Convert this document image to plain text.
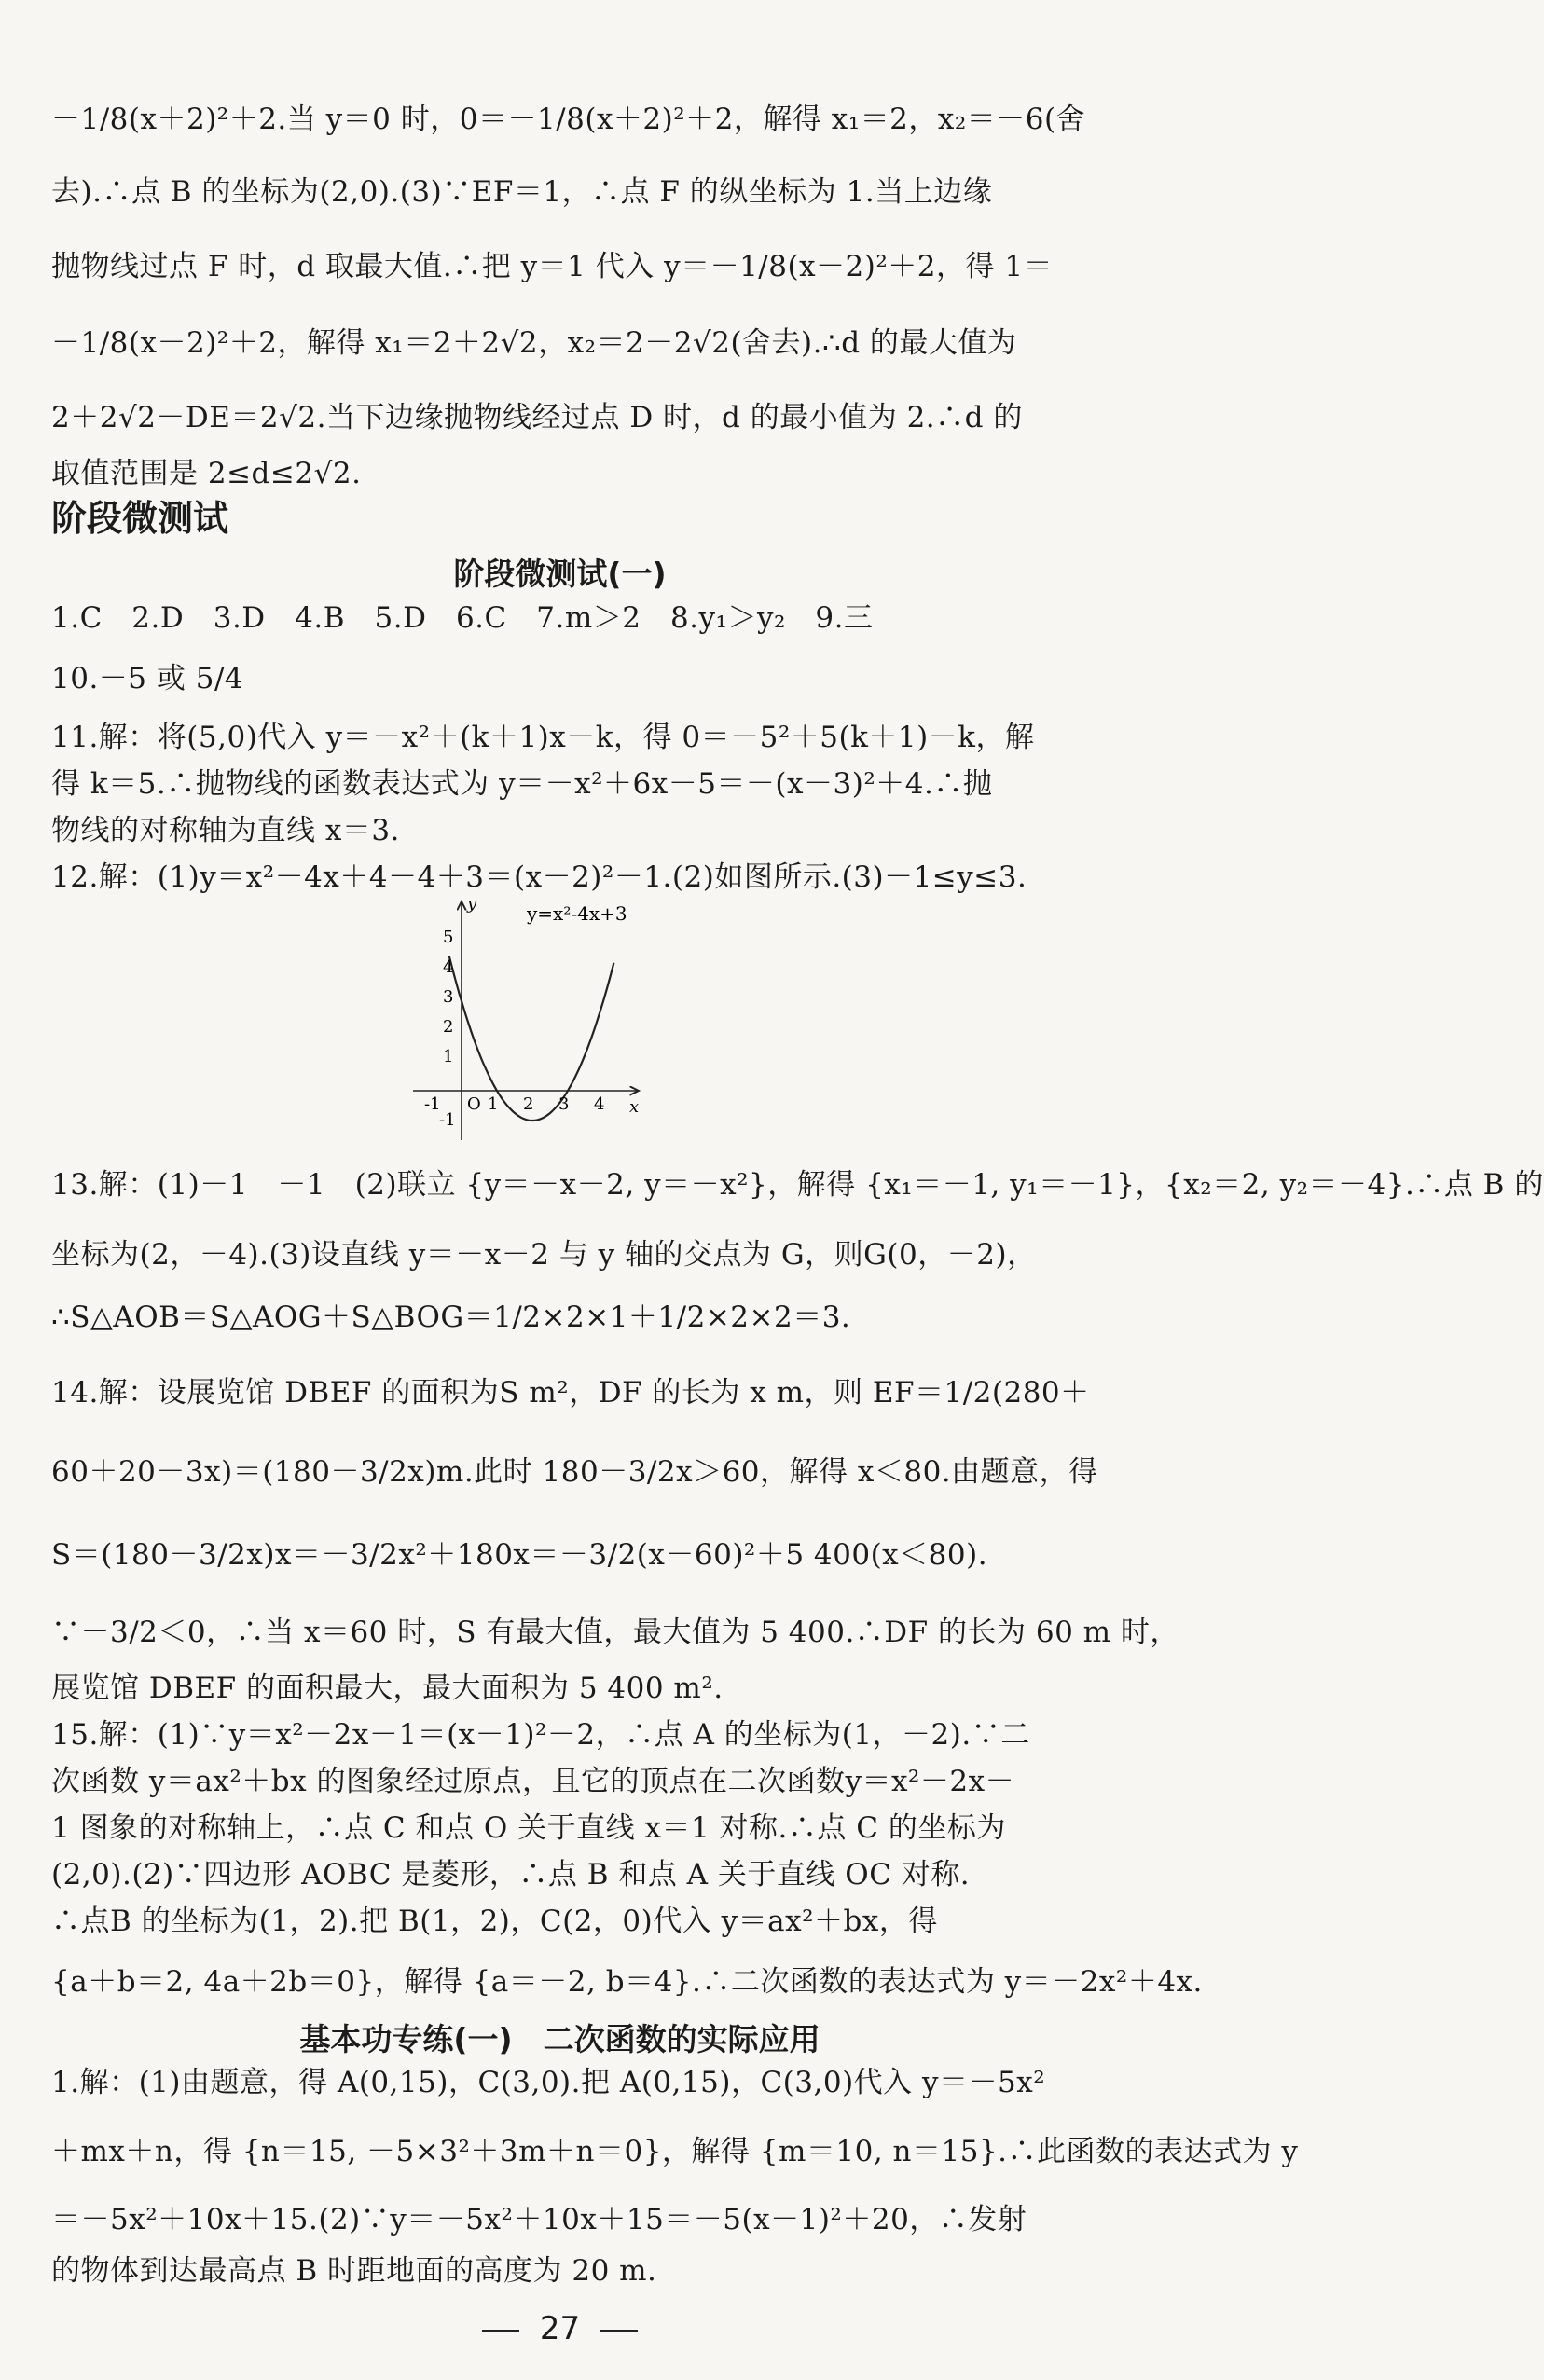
－1/8(x＋2)²＋2.当 y＝0 时，0＝－1/8(x＋2)²＋2，解得 x₁＝2，x₂＝－6(舍
去).∴点 B 的坐标为(2,0).(3)∵EF＝1，∴点 F 的纵坐标为 1.当上边缘
抛物线过点 F 时，d 取最大值.∴把 y＝1 代入 y＝－1/8(x－2)²＋2，得 1＝
－1/8(x－2)²＋2，解得 x₁＝2＋2√2，x₂＝2－2√2(舍去).∴d 的最大值为
2＋2√2－DE＝2√2.当下边缘抛物线经过点 D 时，d 的最小值为 2.∴d 的
取值范围是 2≤d≤2√2.
阶段微测试
阶段微测试(一)
1.C　2.D　3.D　4.B　5.D　6.C　7.m＞2　8.y₁＞y₂　9.三
10.－5 或 5/4
11.解：将(5,0)代入 y＝－x²＋(k＋1)x－k，得 0＝－5²＋5(k＋1)－k，解
得 k＝5.∴抛物线的函数表达式为 y＝－x²＋6x－5＝－(x－3)²＋4.∴抛
物线的对称轴为直线 x＝3.
12.解：(1)y＝x²－4x＋4－4＋3＝(x－2)²－1.(2)如图所示.(3)－1≤y≤3.
y=x²-4x+3
y
x
O
-1	1 2 3 4
5
4
3
2
1
-1
13.解：(1)－1　－1　(2)联立 {y＝－x－2, y＝－x²}，解得 {x₁＝－1, y₁＝－1}，{x₂＝2, y₂＝－4}.∴点 B 的
坐标为(2，－4).(3)设直线 y＝－x－2 与 y 轴的交点为 G，则G(0，－2)，
∴S△AOB＝S△AOG＋S△BOG＝1/2×2×1＋1/2×2×2＝3.
14.解：设展览馆 DBEF 的面积为S m²，DF 的长为 x m，则 EF＝1/2(280＋
60＋20－3x)＝(180－3/2x)m.此时 180－3/2x＞60，解得 x＜80.由题意，得
S＝(180－3/2x)x＝－3/2x²＋180x＝－3/2(x－60)²＋5 400(x＜80).
∵－3/2＜0，∴当 x＝60 时，S 有最大值，最大值为 5 400.∴DF 的长为 60 m 时，
展览馆 DBEF 的面积最大，最大面积为 5 400 m².
15.解：(1)∵y＝x²－2x－1＝(x－1)²－2，∴点 A 的坐标为(1，－2).∵二
次函数 y＝ax²＋bx 的图象经过原点，且它的顶点在二次函数y＝x²－2x－
1 图象的对称轴上，∴点 C 和点 O 关于直线 x＝1 对称.∴点 C 的坐标为
(2,0).(2)∵四边形 AOBC 是菱形，∴点 B 和点 A 关于直线 OC 对称.
∴点B 的坐标为(1，2).把 B(1，2)，C(2，0)代入 y＝ax²＋bx，得
{a＋b＝2, 4a＋2b＝0}，解得 {a＝－2, b＝4}.∴二次函数的表达式为 y＝－2x²＋4x.
基本功专练(一)　二次函数的实际应用
1.解：(1)由题意，得 A(0,15)，C(3,0).把 A(0,15)，C(3,0)代入 y＝－5x²
＋mx＋n，得 {n＝15, －5×3²＋3m＋n＝0}，解得 {m＝10, n＝15}.∴此函数的表达式为 y
＝－5x²＋10x＋15.(2)∵y＝－5x²＋10x＋15＝－5(x－1)²＋20，∴发射
的物体到达最高点 B 时距地面的高度为 20 m.
27
